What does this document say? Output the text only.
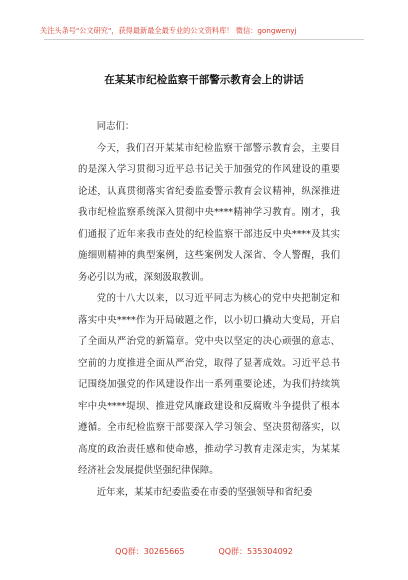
关注头条号"公文研究"，获得最新最全最专业的公文资料库！ 微信：gongwenyj
在某某市纪检监察干部警示教育会上的讲话

同志们：

今天，我们召开某某市纪检监察干部警示教育会，主要目的是深入学习贯彻习近平总书记关于加强党的作风建设的重要论述，认真贯彻落实省纪委监委警示教育会议精神，纵深推进我市纪检监察系统深入贯彻中央****精神学习教育。刚才，我们通报了近年来我市查处的纪检监察干部违反中央****及其实施细则精神的典型案例，这些案例发人深省、令人警醒，我们务必引以为戒，深刻汲取教训。

党的十八大以来，以习近平同志为核心的党中央把制定和落实中央****作为开局破题之作，以小切口撬动大变局，开启了全面从严治党的新篇章。党中央以坚定的决心顽强的意志、空前的力度推进全面从严治党，取得了显著成效。习近平总书记围绕加强党的作风建设作出一系列重要论述，为我们持续筑牢中央****堤坝、推进党风廉政建设和反腐败斗争提供了根本遵循。全市纪检监察干部要深入学习领会、坚决贯彻落实，以高度的政治责任感和使命感，推动学习教育走深走实，为某某经济社会发展提供坚强纪律保障。

近年来，某某市纪委监委在市委的坚强领导和省纪委

QQ群：30265665	QQ群：535304092
